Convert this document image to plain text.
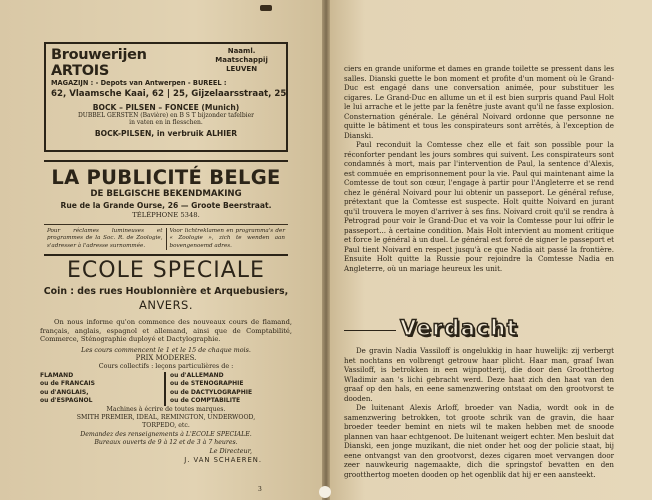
Brouwerijen ARTOIS
Naaml. Maatschappij
LEUVEN
MAGAZIJN : - Depots van Antwerpen - BUREEL :
62, Vlaamsche Kaai, 62 | 25, Gijzelaarsstraat, 25
BOCK – PILSEN – FONCEE (Munich)
DUBBEL GERSTEN (Bavière) en B S T bijzonder tafelbier
in vaten en in flesschen.
BOCK-PILSEN, in verbruik ALHIER
LA PUBLICITÉ BELGE
DE BELGISCHE BEKENDMAKING
Rue de la Grande Ourse, 26 — Groote Beerstraat.
TÉLÉPHONE 5348.
Pour réclames lumineuses et programmes de la Soc. R. de Zoologie, s'adresser à l'adresse surnommée.
Voor lichtreklamen en programma's der « Zoologie », zich te wenden aan bovengenoemd adres.
ECOLE SPECIALE
Coin : des rues Houblonnière et Arquebusiers,
ANVERS.
On nous informe qu'on commence des nouveaux cours de flamand, français, anglais, espagnol et allemand, ainsi que de Comptabilité, Commerce, Sténographie duployé et Dactylographie.
Les cours commencent le 1 et le 15 de chaque mois.
PRIX MODERES.
Cours collectifs : leçons particulières de :
FLAMAND
ou de FRANCAIS
ou d'ANGLAIS,
ou d'ESPAGNOL
ou d'ALLEMAND
ou de STENOGRAPHIE
ou de DACTYLOGRAPHIE
ou de COMPTABILITE
Machines à écrire de toutes marques.
SMITH PREMIER, IDEAL, REMINGTON, UNDERWOOD,
TORPEDO, etc.
Demandez des renseignements à L'ECOLE SPECIALE.
Bureaux ouverts de 9 à 12 et de 3 à 7 heures.
Le Directeur,
J. VAN SCHAEREN.
3

ciers en grande uniforme et dames en grande toilette se pressent dans les salles. Dianski guette le bon moment et profite d'un moment où le Grand-Duc est engagé dans une conversation animée, pour substituer les cigares. Le Grand-Duc en allume un et il est bien surpris quand Paul Holt le lui arrache et le jette par la fenêtre juste avant qu'il ne fasse explosion. Consternation générale. Le général Noivard ordonne que personne ne quitte le bâtiment et tous les conspirateurs sont arrêtés, à l'exception de Dianski.

Paul reconduit la Comtesse chez elle et fait son possible pour la réconforter pendant les jours sombres qui suivent. Les conspirateurs sont condamnés à mort, mais par l'intervention de Paul, la sentence d'Alexis, est commuée en emprisonnement pour la vie. Paul qui maintenant aime la Comtesse de tout son cœur, l'engage à partir pour l'Angleterre et se rend chez le général Noivard pour lui obtenir un passeport. Le général refuse, prétextant que la Comtesse est suspecte. Holt quitte Noivard en jurant qu'il trouvera le moyen d'arriver à ses fins. Noivard croit qu'il se rendra à Petrograd pour voir le Grand-Duc et va voir la Comtesse pour lui offrir le passeport... à certaine condition. Mais Holt intervient au moment critique et force le général à un duel. Le général est forcé de signer le passeport et Paul tient Noivard en respect jusqu'à ce que Nadia ait passé la frontière. Ensuite Holt quitte la Russie pour rejoindre la Comtesse Nadia en Angleterre, où un mariage heureux les unit.

Verdacht

De gravin Nadia Vassiloff is ongelukkig in haar huwelijk: zij verbergt het nochtans en volbrengt getrouw haar plicht. Haar man, graaf Iwan Vassiloff, is betrokken in een wijnpotterij, die door den Grootthertog Wladimir aan 's lichi gebracht werd. Deze haat zich den haat van den graaf op den hals, en eene samenzwering ontstaat om den grootvorst te dooden.

De luitenant Alexis Arloff, broeder van Nadia, wordt ook in de samenzwering betrokken, tot groote schrik van de gravin, die haar broeder teeder bemint en niets wil te maken hebben met de snoode plannen van haar echtgenoot. De luitenant weigert echter. Men besluit dat Dianski, een jonge muzikant, die niet onder het oog der policie staat, bij eene ontvangst van den grootvorst, dezes cigaren moet vervangen door zeer nauwkeurig nagemaakte, dich die springstof bevatten en den grootthertog moeten dooden op het ogenblik dat hij er een aansteekt.
